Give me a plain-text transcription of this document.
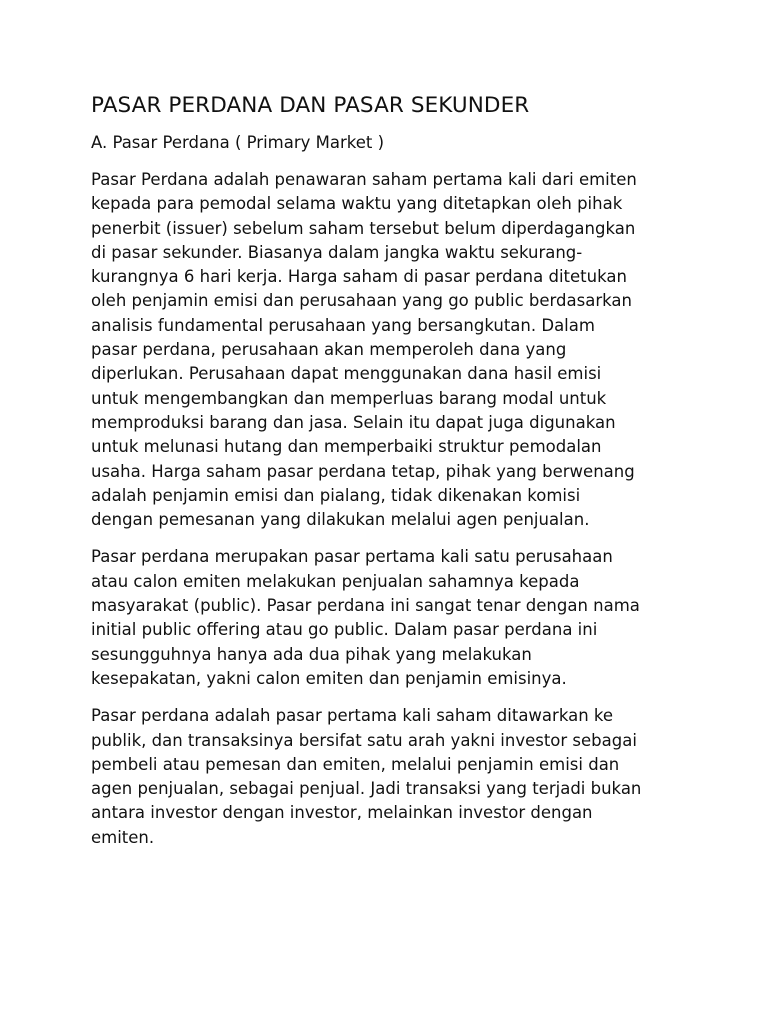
PASAR PERDANA DAN PASAR SEKUNDER
A. Pasar Perdana ( Primary Market )

Pasar Perdana adalah penawaran saham pertama kali dari emiten
kepada para pemodal selama waktu yang ditetapkan oleh pihak
penerbit (issuer) sebelum saham tersebut belum diperdagangkan
di pasar sekunder. Biasanya dalam jangka waktu sekurang-
kurangnya 6 hari kerja. Harga saham di pasar perdana ditetukan
oleh penjamin emisi dan perusahaan yang go public berdasarkan
analisis fundamental perusahaan yang bersangkutan. Dalam
pasar perdana, perusahaan akan memperoleh dana yang
diperlukan. Perusahaan dapat menggunakan dana hasil emisi
untuk mengembangkan dan memperluas barang modal untuk
memproduksi barang dan jasa. Selain itu dapat juga digunakan
untuk melunasi hutang dan memperbaiki struktur pemodalan
usaha. Harga saham pasar perdana tetap, pihak yang berwenang
adalah penjamin emisi dan pialang, tidak dikenakan komisi
dengan pemesanan yang dilakukan melalui agen penjualan.

Pasar perdana merupakan pasar pertama kali satu perusahaan
atau calon emiten melakukan penjualan sahamnya kepada
masyarakat (public). Pasar perdana ini sangat tenar dengan nama
initial public offering atau go public. Dalam pasar perdana ini
sesungguhnya hanya ada dua pihak yang melakukan
kesepakatan, yakni calon emiten dan penjamin emisinya.

Pasar perdana adalah pasar pertama kali saham ditawarkan ke
publik, dan transaksinya bersifat satu arah yakni investor sebagai
pembeli atau pemesan dan emiten, melalui penjamin emisi dan
agen penjualan, sebagai penjual. Jadi transaksi yang terjadi bukan
antara investor dengan investor, melainkan investor dengan
emiten.
